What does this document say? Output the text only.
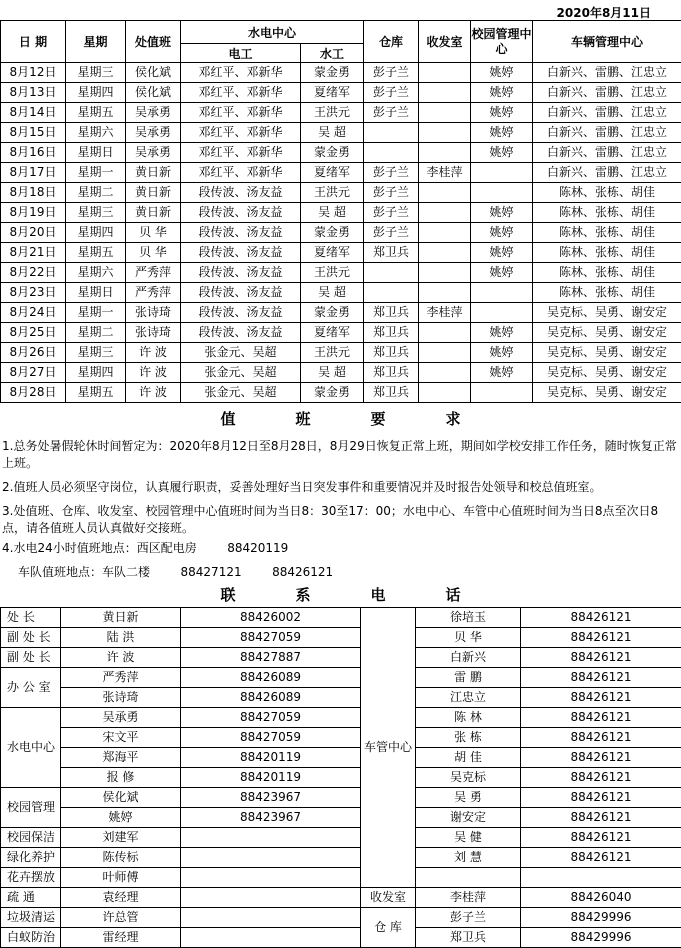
2020年8月11日
日 期	星期	处值班	水电中心		仓库	收发室	校园管理中心	车辆管理中心
			电工	水工				
8月12日	星期三	侯化斌	邓红平、邓新华	蒙金勇	彭子兰		姚婷	白新兴、雷鹏、江忠立
8月13日	星期四	侯化斌	邓红平、邓新华	夏绪军	彭子兰		姚婷	白新兴、雷鹏、江忠立
8月14日	星期五	吴承勇	邓红平、邓新华	王洪元	彭子兰		姚婷	白新兴、雷鹏、江忠立
8月15日	星期六	吴承勇	邓红平、邓新华	吴 超			姚婷	白新兴、雷鹏、江忠立
8月16日	星期日	吴承勇	邓红平、邓新华	蒙金勇			姚婷	白新兴、雷鹏、江忠立
8月17日	星期一	黄日新	邓红平、邓新华	夏绪军	彭子兰	李桂萍		白新兴、雷鹏、江忠立
8月18日	星期二	黄日新	段传波、汤友益	王洪元	彭子兰			陈林、张栋、胡佳
8月19日	星期三	黄日新	段传波、汤友益	吴 超	彭子兰		姚婷	陈林、张栋、胡佳
8月20日	星期四	贝 华	段传波、汤友益	蒙金勇	彭子兰		姚婷	陈林、张栋、胡佳
8月21日	星期五	贝 华	段传波、汤友益	夏绪军	郑卫兵		姚婷	陈林、张栋、胡佳
8月22日	星期六	严秀萍	段传波、汤友益	王洪元			姚婷	陈林、张栋、胡佳
8月23日	星期日	严秀萍	段传波、汤友益	吴 超				陈林、张栋、胡佳
8月24日	星期一	张诗琦	段传波、汤友益	蒙金勇	郑卫兵	李桂萍		吴克标、吴勇、谢安定
8月25日	星期二	张诗琦	段传波、汤友益	夏绪军	郑卫兵		姚婷	吴克标、吴勇、谢安定
8月26日	星期三	许 波	张金元、吴超	王洪元	郑卫兵		姚婷	吴克标、吴勇、谢安定
8月27日	星期四	许 波	张金元、吴超	吴 超	郑卫兵		姚婷	吴克标、吴勇、谢安定
8月28日	星期五	许 波	张金元、吴超	蒙金勇	郑卫兵			吴克标、吴勇、谢安定
值班要求
1.总务处暑假轮休时间暂定为：2020年8月12日至8月28日，8月29日恢复正常上班，期间如学校安排工作任务，随时恢复正常上班。
2.值班人员必须坚守岗位，认真履行职责，妥善处理好当日突发事件和重要情况并及时报告处领导和校总值班室。
3.处值班、仓库、收发室、校园管理中心值班时间为当日8：30至17：00；水电中心、车管中心值班时间为当日8点至次日8点，请各值班人员认真做好交接班。
4.水电24小时值班地点：西区配电房        88420119
车队值班地点：车队二楼        88427121        88426121
联系电话
处 长	黄日新	88426002	车管中心	徐培玉	88426121
副 处 长	陆 洪	88427059		贝 华	88426121
副 处 长	许 波	88427887		白新兴	88426121
办 公 室	严秀萍	88426089		雷 鹏	88426121
	张诗琦	88426089		江忠立	88426121
水电中心	吴承勇	88427059		陈 林	88426121
	宋文平	88427059		张 栋	88426121
	郑海平	88420119		胡 佳	88426121
	报 修	88420119		吴克标	88426121
校园管理	侯化斌	88423967		吴 勇	88426121
	姚婷	88423967		谢安定	88426121
校园保洁	刘建军			吴 健	88426121
绿化养护	陈传标			刘 慧	88426121
花卉摆放	叶师傅				
疏 通	袁经理		收发室	李桂萍	88426040
垃圾清运	许总管		仓 库	彭子兰	88429996
白蚁防治	雷经理			郑卫兵	88429996
